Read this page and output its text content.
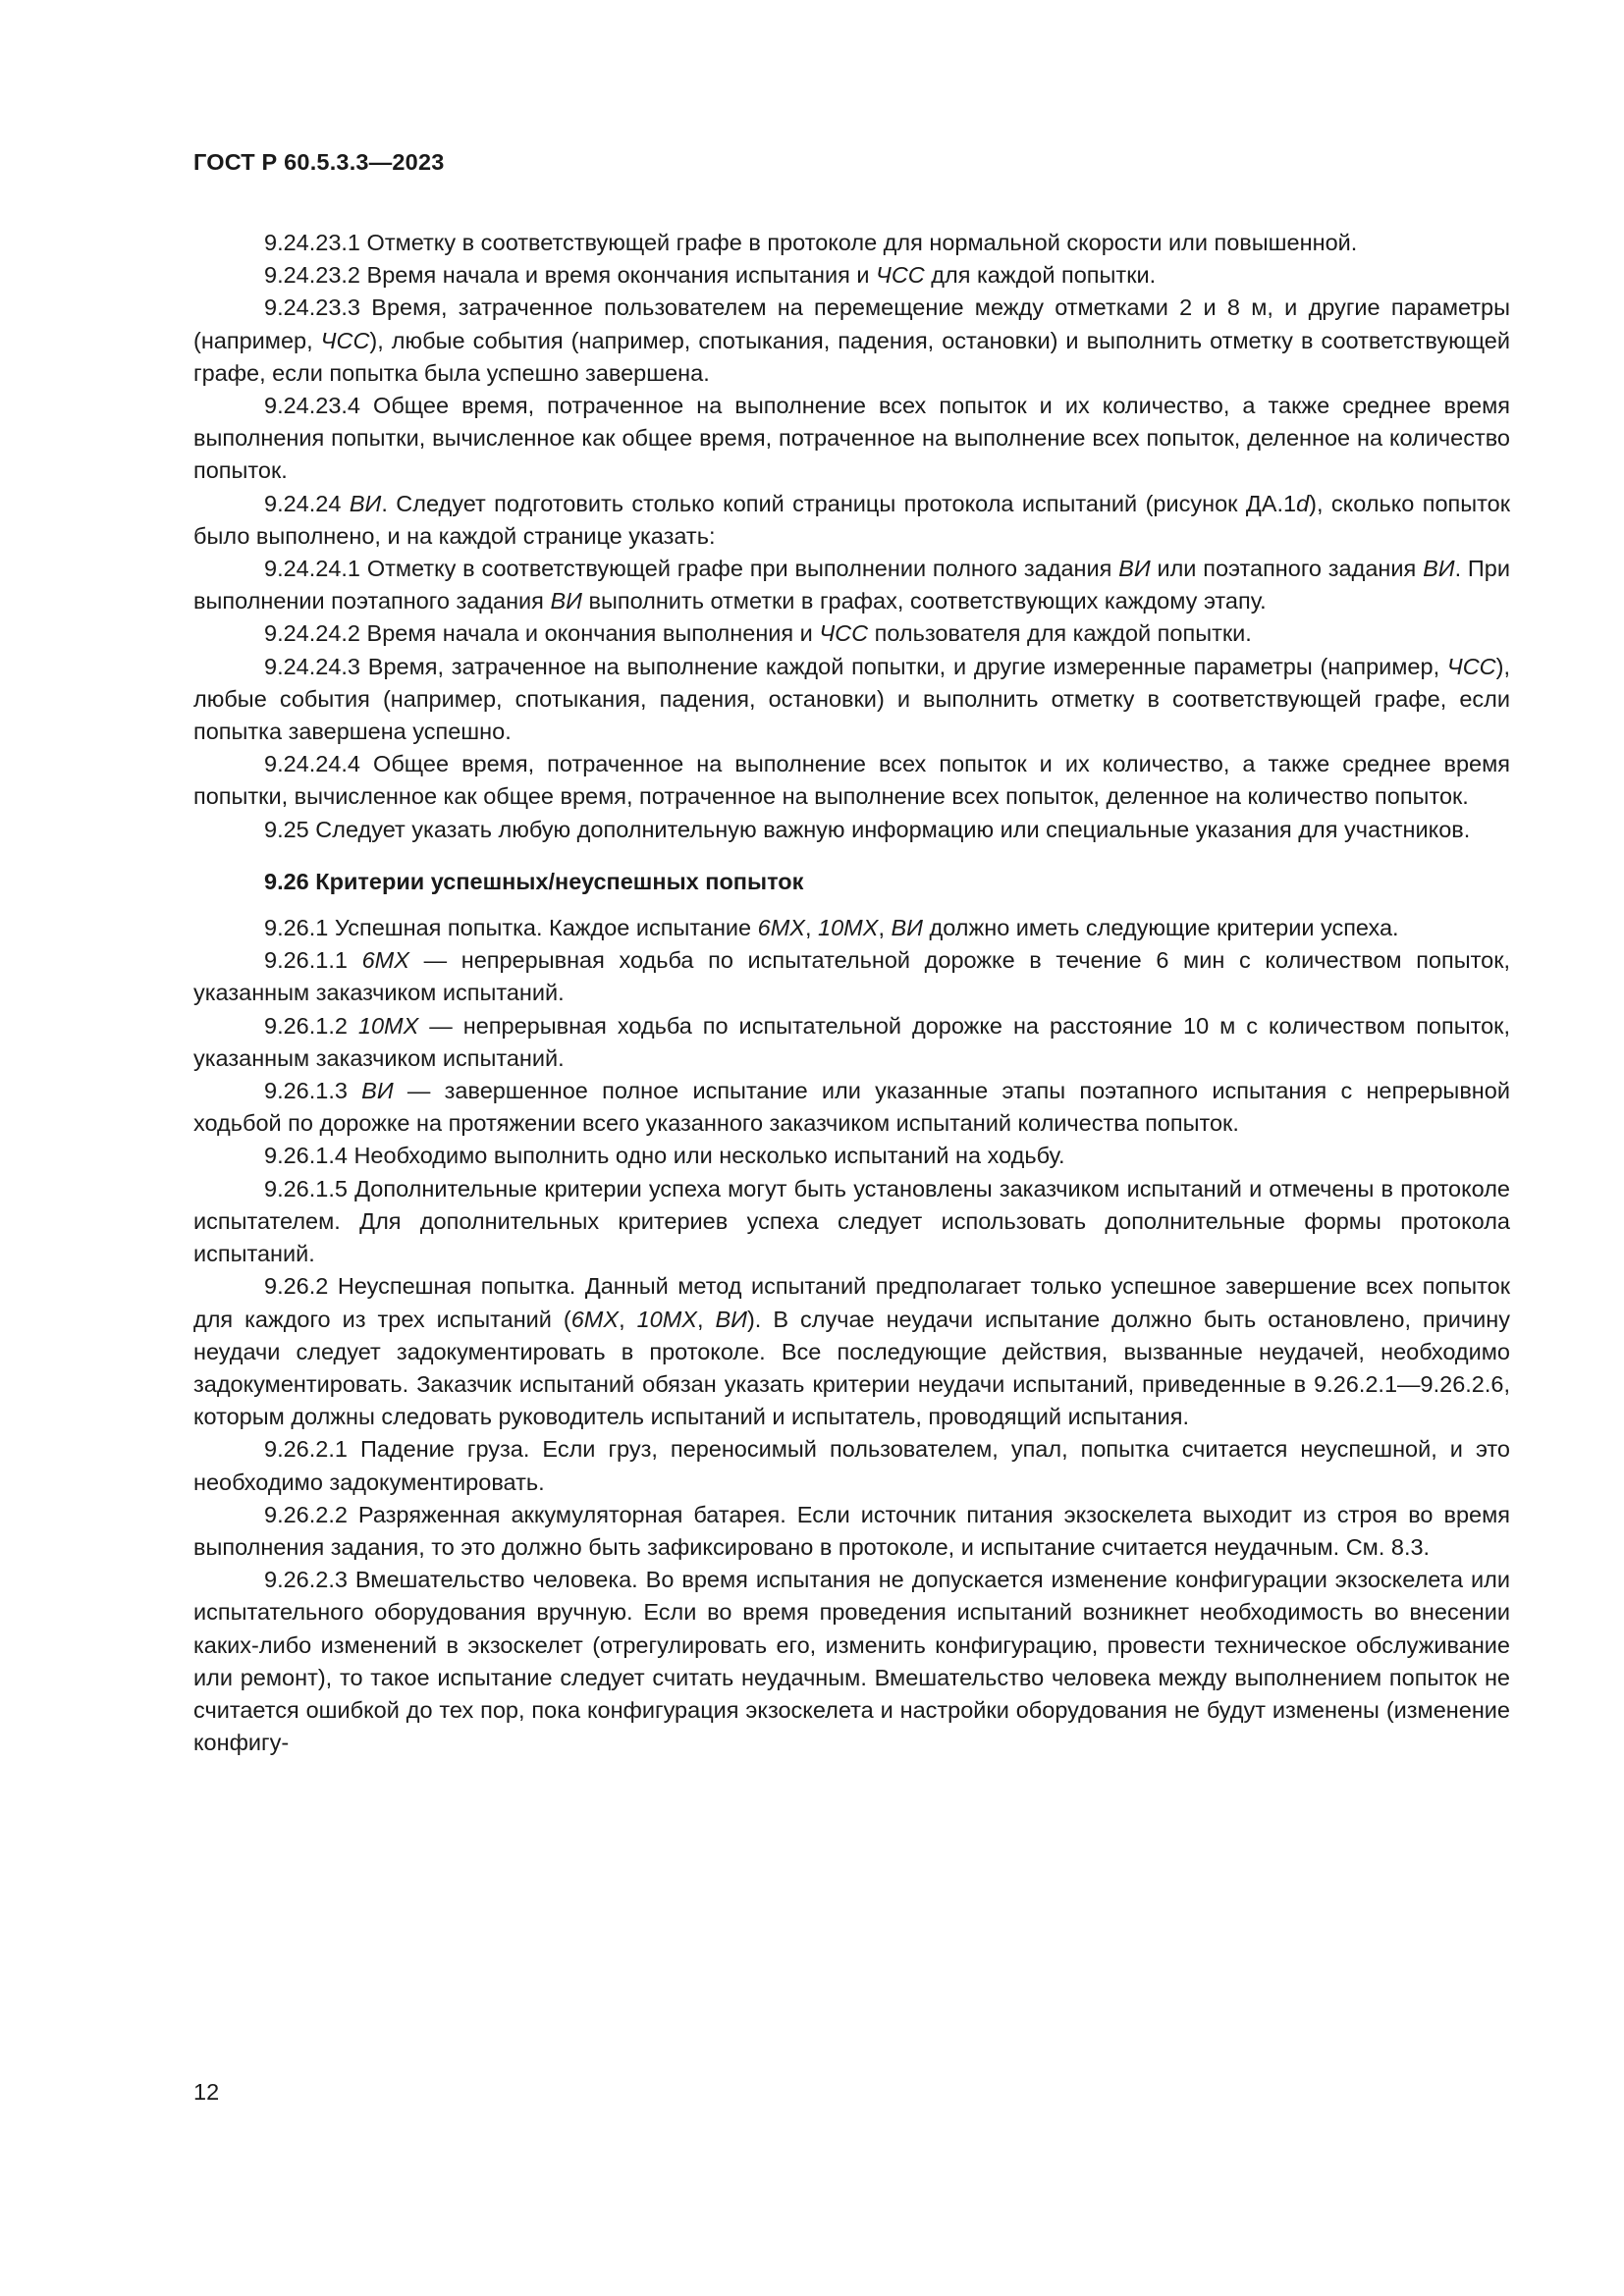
ГОСТ Р 60.5.3.3—2023

9.24.23.1 Отметку в соответствующей графе в протоколе для нормальной скорости или повышенной.

9.24.23.2 Время начала и время окончания испытания и ЧСС для каждой попытки.

9.24.23.3 Время, затраченное пользователем на перемещение между отметками 2 и 8 м, и другие параметры (например, ЧСС), любые события (например, спотыкания, падения, остановки) и выполнить отметку в соответствующей графе, если попытка была успешно завершена.

9.24.23.4 Общее время, потраченное на выполнение всех попыток и их количество, а также среднее время выполнения попытки, вычисленное как общее время, потраченное на выполнение всех попыток, деленное на количество попыток.

9.24.24 ВИ. Следует подготовить столько копий страницы протокола испытаний (рисунок ДА.1d), сколько попыток было выполнено, и на каждой странице указать:

9.24.24.1 Отметку в соответствующей графе при выполнении полного задания ВИ или поэтапного задания ВИ. При выполнении поэтапного задания ВИ выполнить отметки в графах, соответствующих каждому этапу.

9.24.24.2 Время начала и окончания выполнения и ЧСС пользователя для каждой попытки.

9.24.24.3 Время, затраченное на выполнение каждой попытки, и другие измеренные параметры (например, ЧСС), любые события (например, спотыкания, падения, остановки) и выполнить отметку в соответствующей графе, если попытка завершена успешно.

9.24.24.4 Общее время, потраченное на выполнение всех попыток и их количество, а также среднее время попытки, вычисленное как общее время, потраченное на выполнение всех попыток, деленное на количество попыток.

9.25 Следует указать любую дополнительную важную информацию или специальные указания для участников.

9.26 Критерии успешных/неуспешных попыток

9.26.1 Успешная попытка. Каждое испытание 6МХ, 10МХ, ВИ должно иметь следующие критерии успеха.

9.26.1.1 6МХ — непрерывная ходьба по испытательной дорожке в течение 6 мин с количеством попыток, указанным заказчиком испытаний.

9.26.1.2 10МХ — непрерывная ходьба по испытательной дорожке на расстояние 10 м с количеством попыток, указанным заказчиком испытаний.

9.26.1.3 ВИ — завершенное полное испытание или указанные этапы поэтапного испытания с непрерывной ходьбой по дорожке на протяжении всего указанного заказчиком испытаний количества попыток.

9.26.1.4 Необходимо выполнить одно или несколько испытаний на ходьбу.

9.26.1.5 Дополнительные критерии успеха могут быть установлены заказчиком испытаний и отмечены в протоколе испытателем. Для дополнительных критериев успеха следует использовать дополнительные формы протокола испытаний.

9.26.2 Неуспешная попытка. Данный метод испытаний предполагает только успешное завершение всех попыток для каждого из трех испытаний (6МХ, 10МХ, ВИ). В случае неудачи испытание должно быть остановлено, причину неудачи следует задокументировать в протоколе. Все последующие действия, вызванные неудачей, необходимо задокументировать. Заказчик испытаний обязан указать критерии неудачи испытаний, приведенные в 9.26.2.1—9.26.2.6, которым должны следовать руководитель испытаний и испытатель, проводящий испытания.

9.26.2.1 Падение груза. Если груз, переносимый пользователем, упал, попытка считается неуспешной, и это необходимо задокументировать.

9.26.2.2 Разряженная аккумуляторная батарея. Если источник питания экзоскелета выходит из строя во время выполнения задания, то это должно быть зафиксировано в протоколе, и испытание считается неудачным. См. 8.3.

9.26.2.3 Вмешательство человека. Во время испытания не допускается изменение конфигурации экзоскелета или испытательного оборудования вручную. Если во время проведения испытаний возникнет необходимость во внесении каких-либо изменений в экзоскелет (отрегулировать его, изменить конфигурацию, провести техническое обслуживание или ремонт), то такое испытание следует считать неудачным. Вмешательство человека между выполнением попыток не считается ошибкой до тех пор, пока конфигурация экзоскелета и настройки оборудования не будут изменены (изменение конфигу-

12
